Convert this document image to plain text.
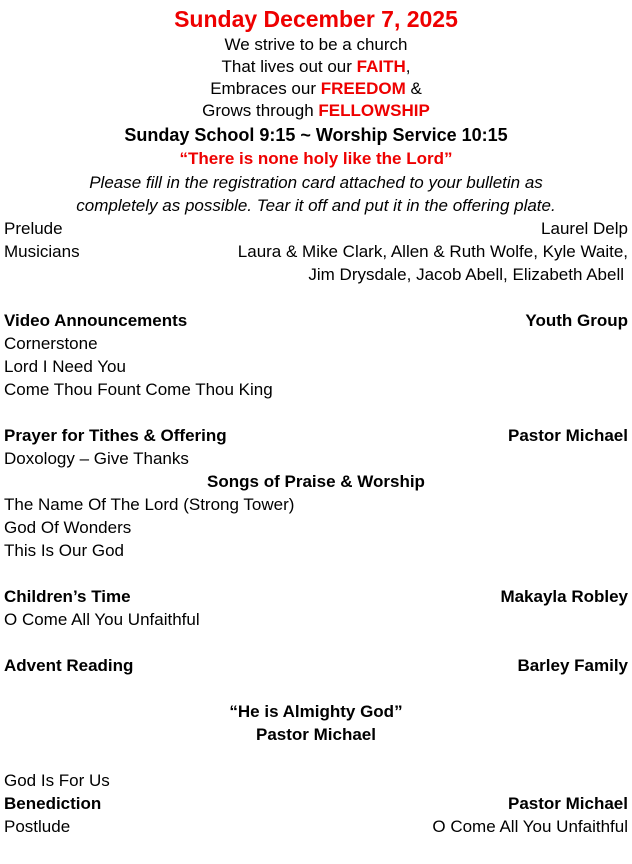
Sunday December 7, 2025
We strive to be a church
That lives out our FAITH,
Embraces our FREEDOM &
Grows through FELLOWSHIP
Sunday School 9:15 ~ Worship Service 10:15
“There is none holy like the Lord”
Please fill in the registration card attached to your bulletin as
completely as possible. Tear it off and put it in the offering plate.
Prelude	Laurel Delp
Musicians	Laura & Mike Clark, Allen & Ruth Wolfe, Kyle Waite,
Jim Drysdale, Jacob Abell, Elizabeth Abell
Video Announcements	Youth Group
Cornerstone
Lord I Need You
Come Thou Fount Come Thou King
Prayer for Tithes & Offering	Pastor Michael
Doxology – Give Thanks
Songs of Praise & Worship
The Name Of The Lord (Strong Tower)
God Of Wonders
This Is Our God
Children’s Time	Makayla Robley
O Come All You Unfaithful
Advent Reading	Barley Family
“He is Almighty God”
Pastor Michael
God Is For Us
Benediction	Pastor Michael
Postlude	O Come All You Unfaithful
